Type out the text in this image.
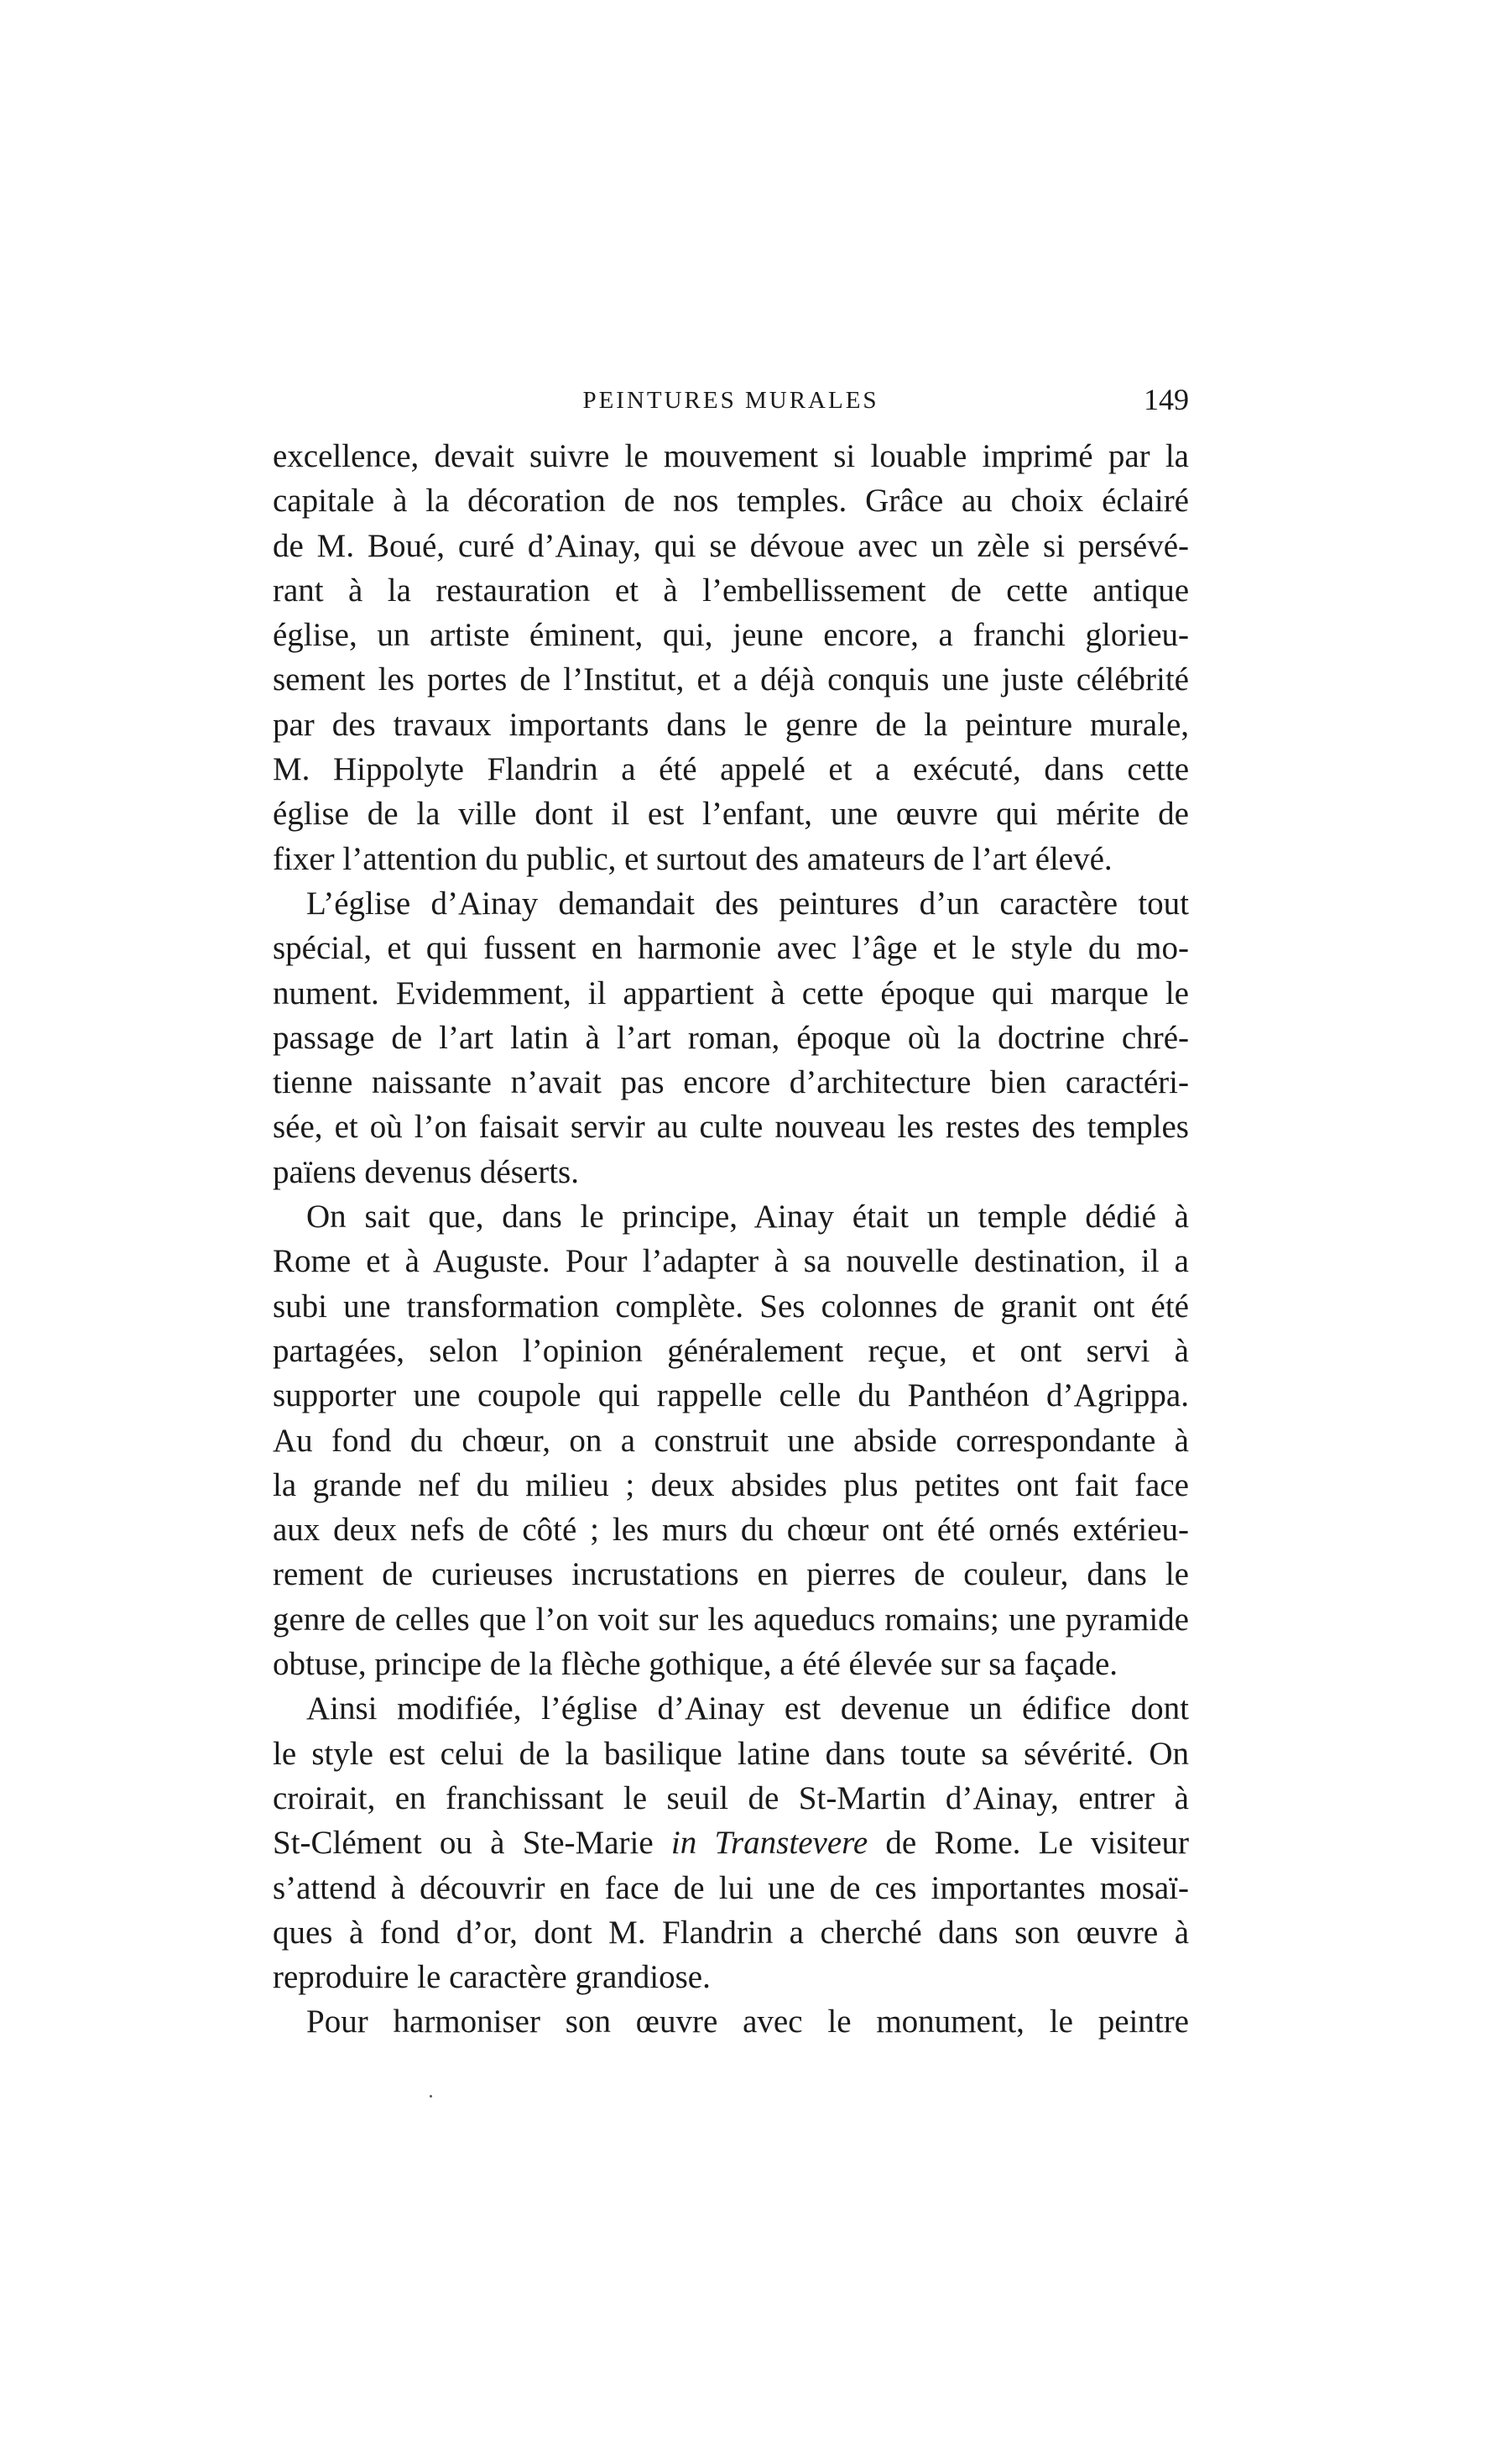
PEINTURES MURALES	149
excellence, devait suivre le mouvement si louable imprimé par la
capitale à la décoration de nos temples. Grâce au choix éclairé
de M. Boué, curé d’Ainay, qui se dévoue avec un zèle si persévé-
rant à la restauration et à l’embellissement de cette antique
église, un artiste éminent, qui, jeune encore, a franchi glorieu-
sement les portes de l’Institut, et a déjà conquis une juste célébrité
par des travaux importants dans le genre de la peinture murale,
M. Hippolyte Flandrin a été appelé et a exécuté, dans cette
église de la ville dont il est l’enfant, une œuvre qui mérite de
fixer l’attention du public, et surtout des amateurs de l’art élevé.
L’église d’Ainay demandait des peintures d’un caractère tout
spécial, et qui fussent en harmonie avec l’âge et le style du mo-
nument. Evidemment, il appartient à cette époque qui marque le
passage de l’art latin à l’art roman, époque où la doctrine chré-
tienne naissante n’avait pas encore d’architecture bien caractéri-
sée, et où l’on faisait servir au culte nouveau les restes des temples
païens devenus déserts.
On sait que, dans le principe, Ainay était un temple dédié à
Rome et à Auguste. Pour l’adapter à sa nouvelle destination, il a
subi une transformation complète. Ses colonnes de granit ont été
partagées, selon l’opinion généralement reçue, et ont servi à
supporter une coupole qui rappelle celle du Panthéon d’Agrippa.
Au fond du chœur, on a construit une abside correspondante à
la grande nef du milieu ; deux absides plus petites ont fait face
aux deux nefs de côté ; les murs du chœur ont été ornés extérieu-
rement de curieuses incrustations en pierres de couleur, dans le
genre de celles que l’on voit sur les aqueducs romains; une pyramide
obtuse, principe de la flèche gothique, a été élevée sur sa façade.
Ainsi modifiée, l’église d’Ainay est devenue un édifice dont
le style est celui de la basilique latine dans toute sa sévérité. On
croirait, en franchissant le seuil de St-Martin d’Ainay, entrer à
St-Clément ou à Ste-Marie in Transtevere de Rome. Le visiteur
s’attend à découvrir en face de lui une de ces importantes mosaï-
ques à fond d’or, dont M. Flandrin a cherché dans son œuvre à
reproduire le caractère grandiose.
Pour harmoniser son œuvre avec le monument, le peintre
